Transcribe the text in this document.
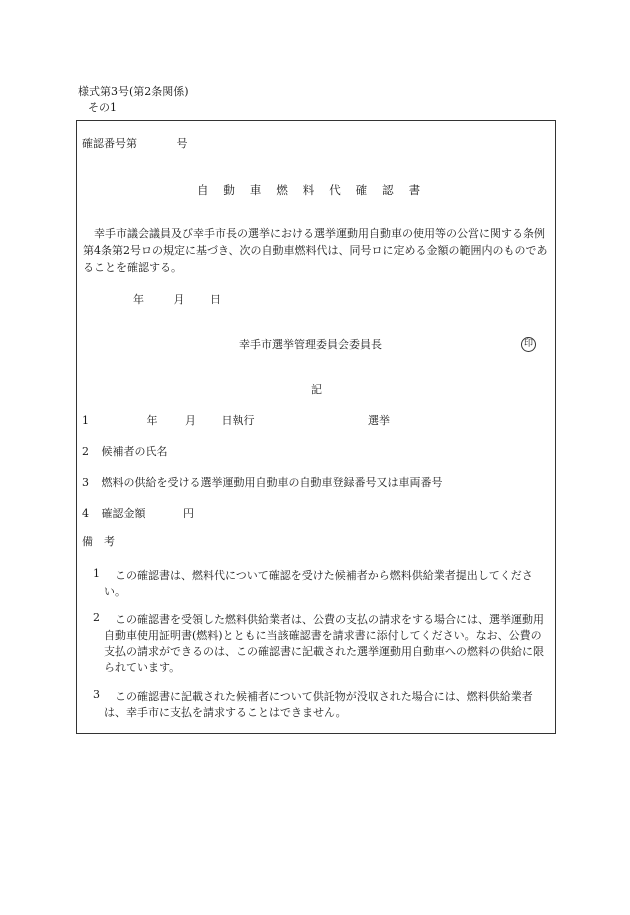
様式第3号(第2条関係)
その1
確認番号第	号
自動車燃料代確認書
幸手市議会議員及び幸手市長の選挙における選挙運動用自動車の使用等の公営に関する条例第4条第2号ロの規定に基づき、次の自動車燃料代は、同号ロに定める金額の範囲内のものであることを確認する。
年	月 日
幸手市選挙管理委員会委員長	印
記
1	年	月 日執行	選挙
2 候補者の氏名
3 燃料の供給を受ける選挙運動用自動車の自動車登録番号又は車両番号
4 確認金額	円
備　考
1	この確認書は、燃料代について確認を受けた候補者から燃料供給業者提出してください。
2	この確認書を受領した燃料供給業者は、公費の支払の請求をする場合には、選挙運動用自動車使用証明書(燃料)とともに当該確認書を請求書に添付してください。なお、公費の支払の請求ができるのは、この確認書に記載された選挙運動用自動車への燃料の供給に限られています。
3	この確認書に記載された候補者について供託物が没収された場合には、燃料供給業者は、幸手市に支払を請求することはできません。
